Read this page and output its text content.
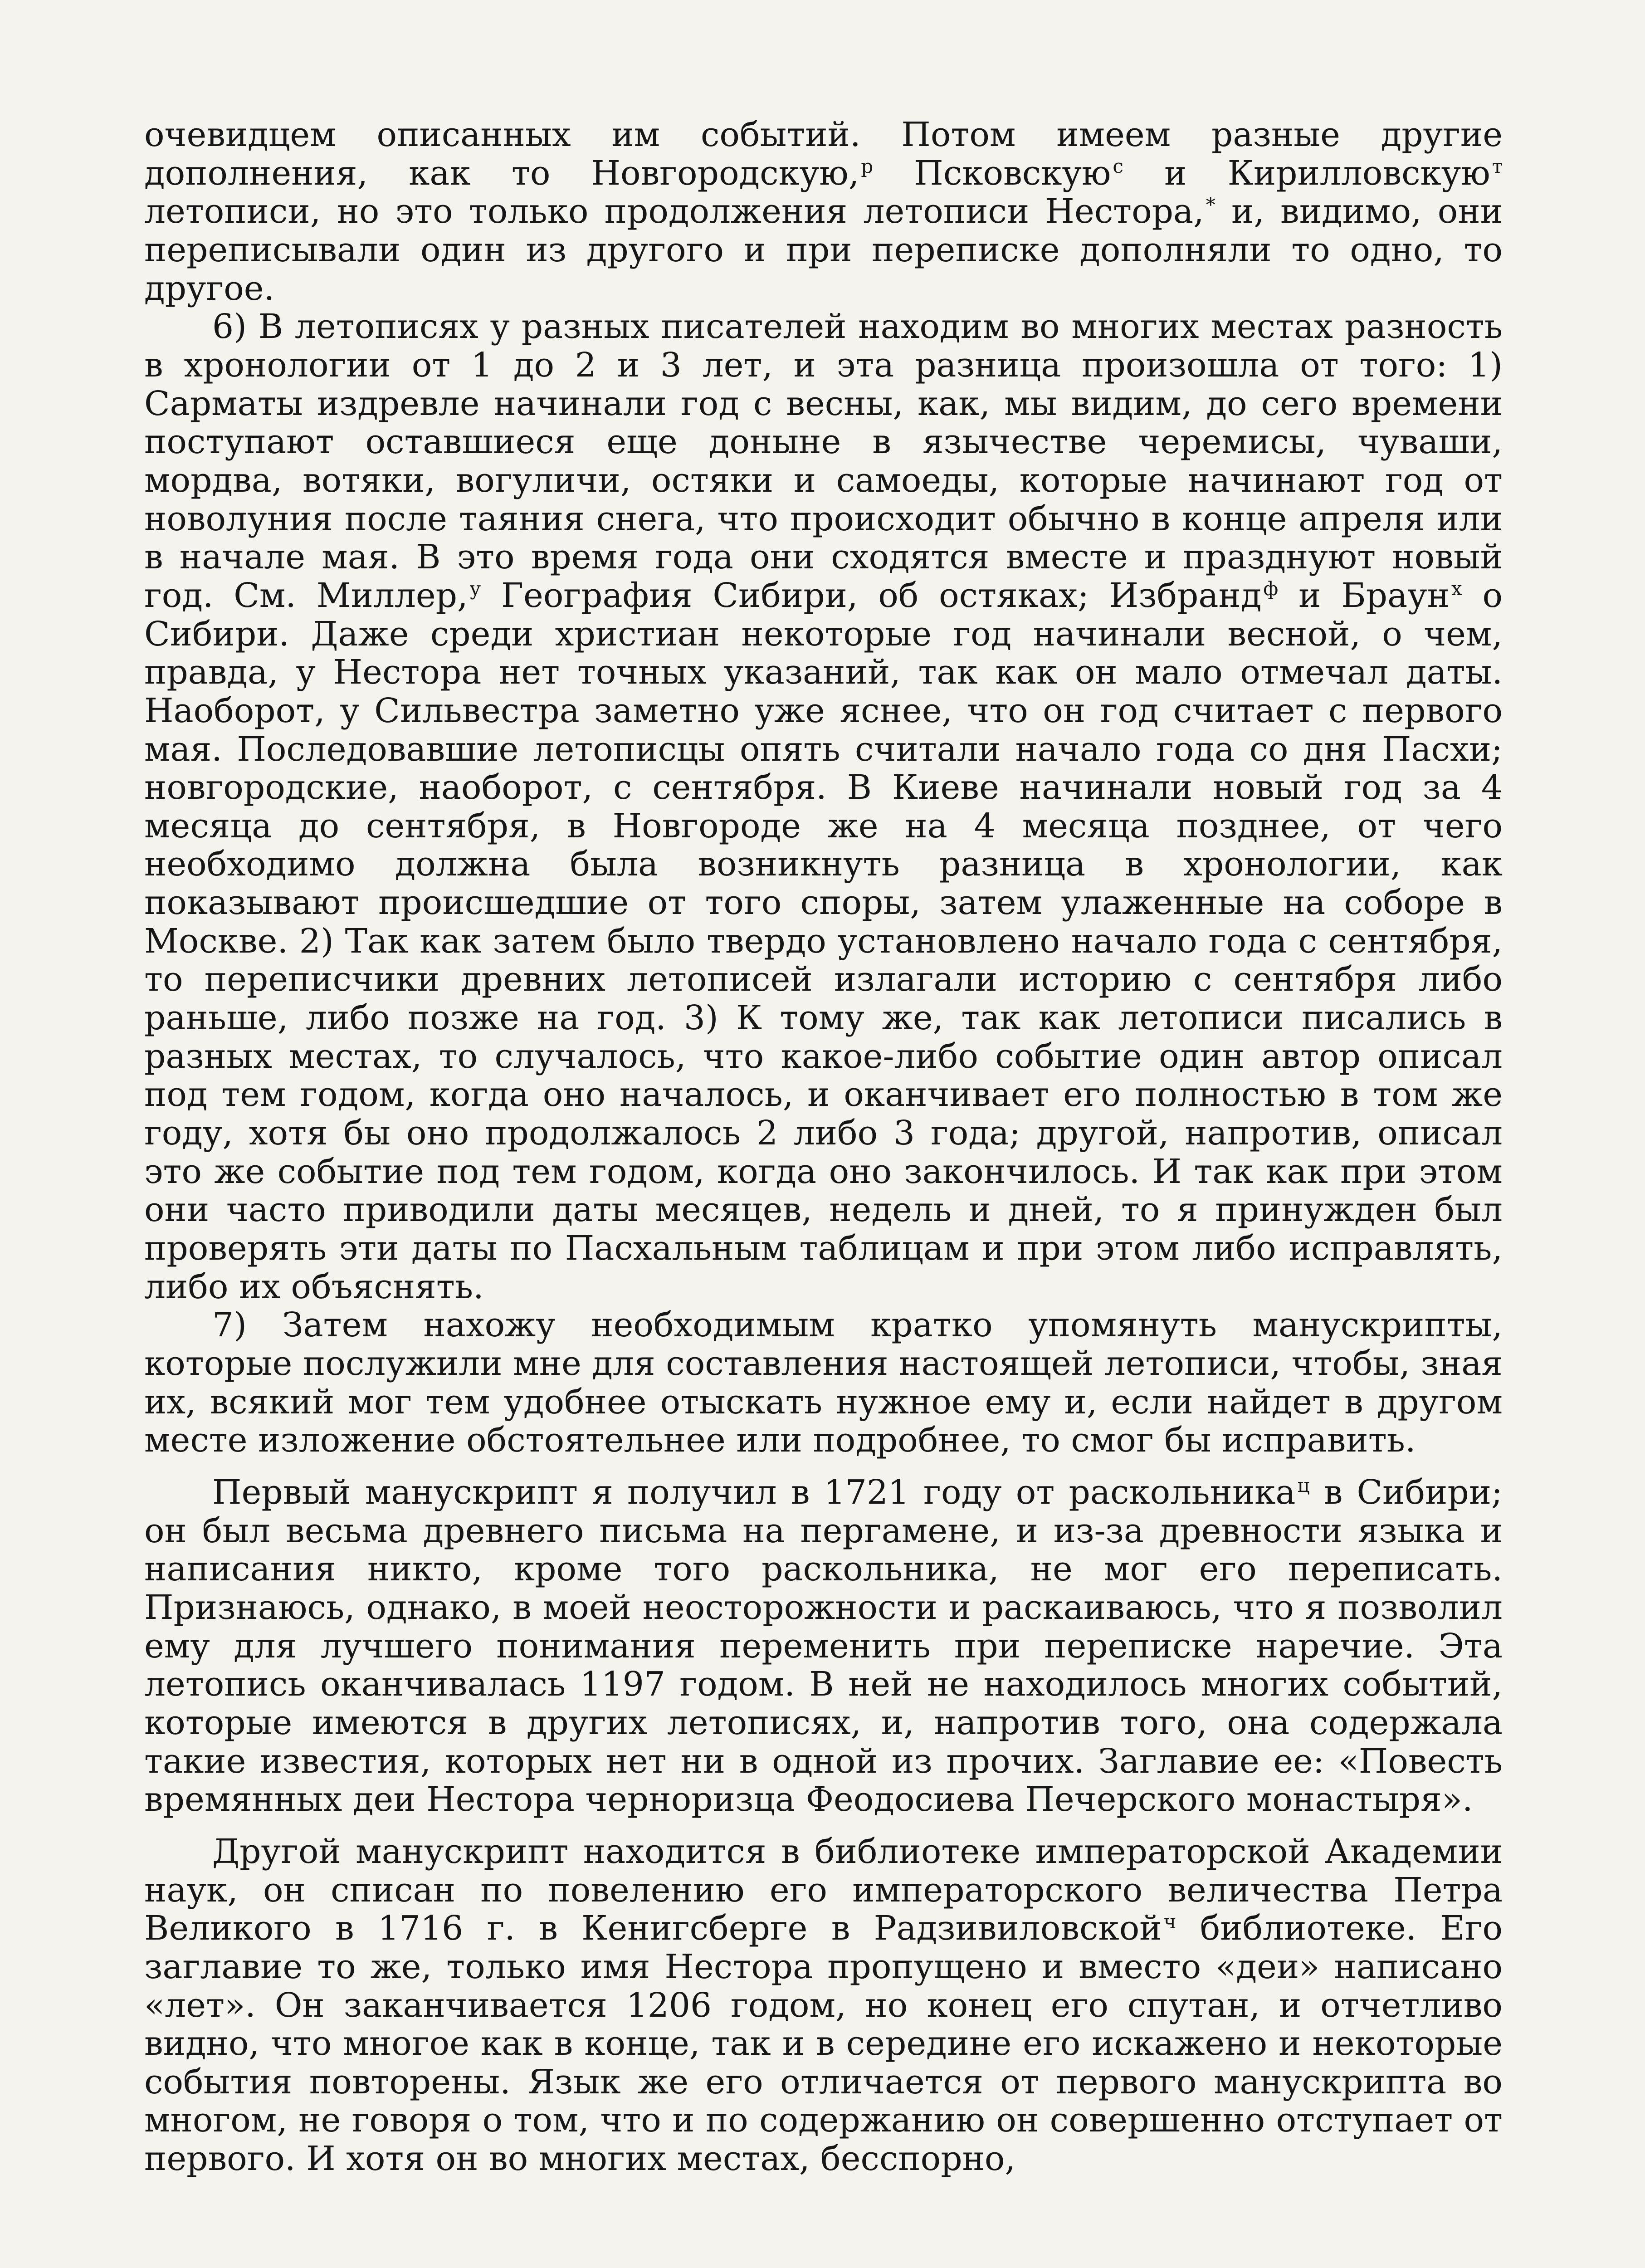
очевидцем описанных им событий. Потом имеем разные другие дополнения, как то Новгородскую,$^р$ Псковскую$^с$ и Кирилловскую$^т$ летописи, но это только продолжения летописи Нестора,* и, видимо, они переписывали один из другого и при переписке дополняли то одно, то другое.

6) В летописях у разных писателей находим во многих местах разность в хронологии от 1 до 2 и 3 лет, и эта разница произошла от того: 1) Сарматы издревле начинали год с весны, как, мы видим, до сего времени поступают оставшиеся еще доныне в язычестве черемисы, чуваши, мордва, вотяки, вогуличи, остяки и самоеды, которые начинают год от новолуния после таяния снега, что происходит обычно в конце апреля или в начале мая. В это время года они сходятся вместе и празднуют новый год. См. Миллер,$^у$ География Сибири, об остяках; Избранд$^ф$ и Браун$^х$ о Сибири. Даже среди христиан некоторые год начинали весной, о чем, правда, у Нестора нет точных указаний, так как он мало отмечал даты. Наоборот, у Сильвестра заметно уже яснее, что он год считает с первого мая. Последовавшие летописцы опять считали начало года со дня Пасхи; новгородские, наоборот, с сентября. В Киеве начинали новый год за 4 месяца до сентября, в Новгороде же на 4 месяца позднее, от чего необходимо должна была возникнуть разница в хронологии, как показывают происшедшие от того споры, затем улаженные на соборе в Москве. 2) Так как затем было твердо установлено начало года с сентября, то переписчики древних летописей излагали историю с сентября либо раньше, либо позже на год. 3) К тому же, так как летописи писались в разных местах, то случалось, что какое-либо событие один автор описал под тем годом, когда оно началось, и оканчивает его полностью в том же году, хотя бы оно продолжалось 2 либо 3 года; другой, напротив, описал это же событие под тем годом, когда оно закончилось. И так как при этом они часто приводили даты месяцев, недель и дней, то я принужден был проверять эти даты по Пасхальным таблицам и при этом либо исправлять, либо их объяснять.

7) Затем нахожу необходимым кратко упомянуть манускрипты, которые послужили мне для составления настоящей летописи, чтобы, зная их, всякий мог тем удобнее отыскать нужное ему и, если найдет в другом месте изложение обстоятельнее или подробнее, то смог бы исправить.

Первый манускрипт я получил в 1721 году от раскольника$^ц$ в Сибири; он был весьма древнего письма на пергамене, и из-за древности языка и написания никто, кроме того раскольника, не мог его переписать. Признаюсь, однако, в моей неосторожности и раскаиваюсь, что я позволил ему для лучшего понимания переменить при переписке наречие. Эта летопись оканчивалась 1197 годом. В ней не находилось многих событий, которые имеются в других летописях, и, напротив того, она содержала такие известия, которых нет ни в одной из прочих. Заглавие ее: «Повесть времянных деи Нестора черноризца Феодосиева Печерского монастыря».

Другой манускрипт находится в библиотеке императорской Академии наук, он списан по повелению его императорского величества Петра Великого в 1716 г. в Кенигсберге в Радзивиловской$^ч$ библиотеке. Его заглавие то же, только имя Нестора пропущено и вместо «деи» написано «лет». Он заканчивается 1206 годом, но конец его спутан, и отчетливо видно, что многое как в конце, так и в середине его искажено и некоторые события повторены. Язык же его отличается от первого манускрипта во многом, не говоря о том, что и по содержанию он совершенно отступает от первого. И хотя он во многих местах, бесспорно,
